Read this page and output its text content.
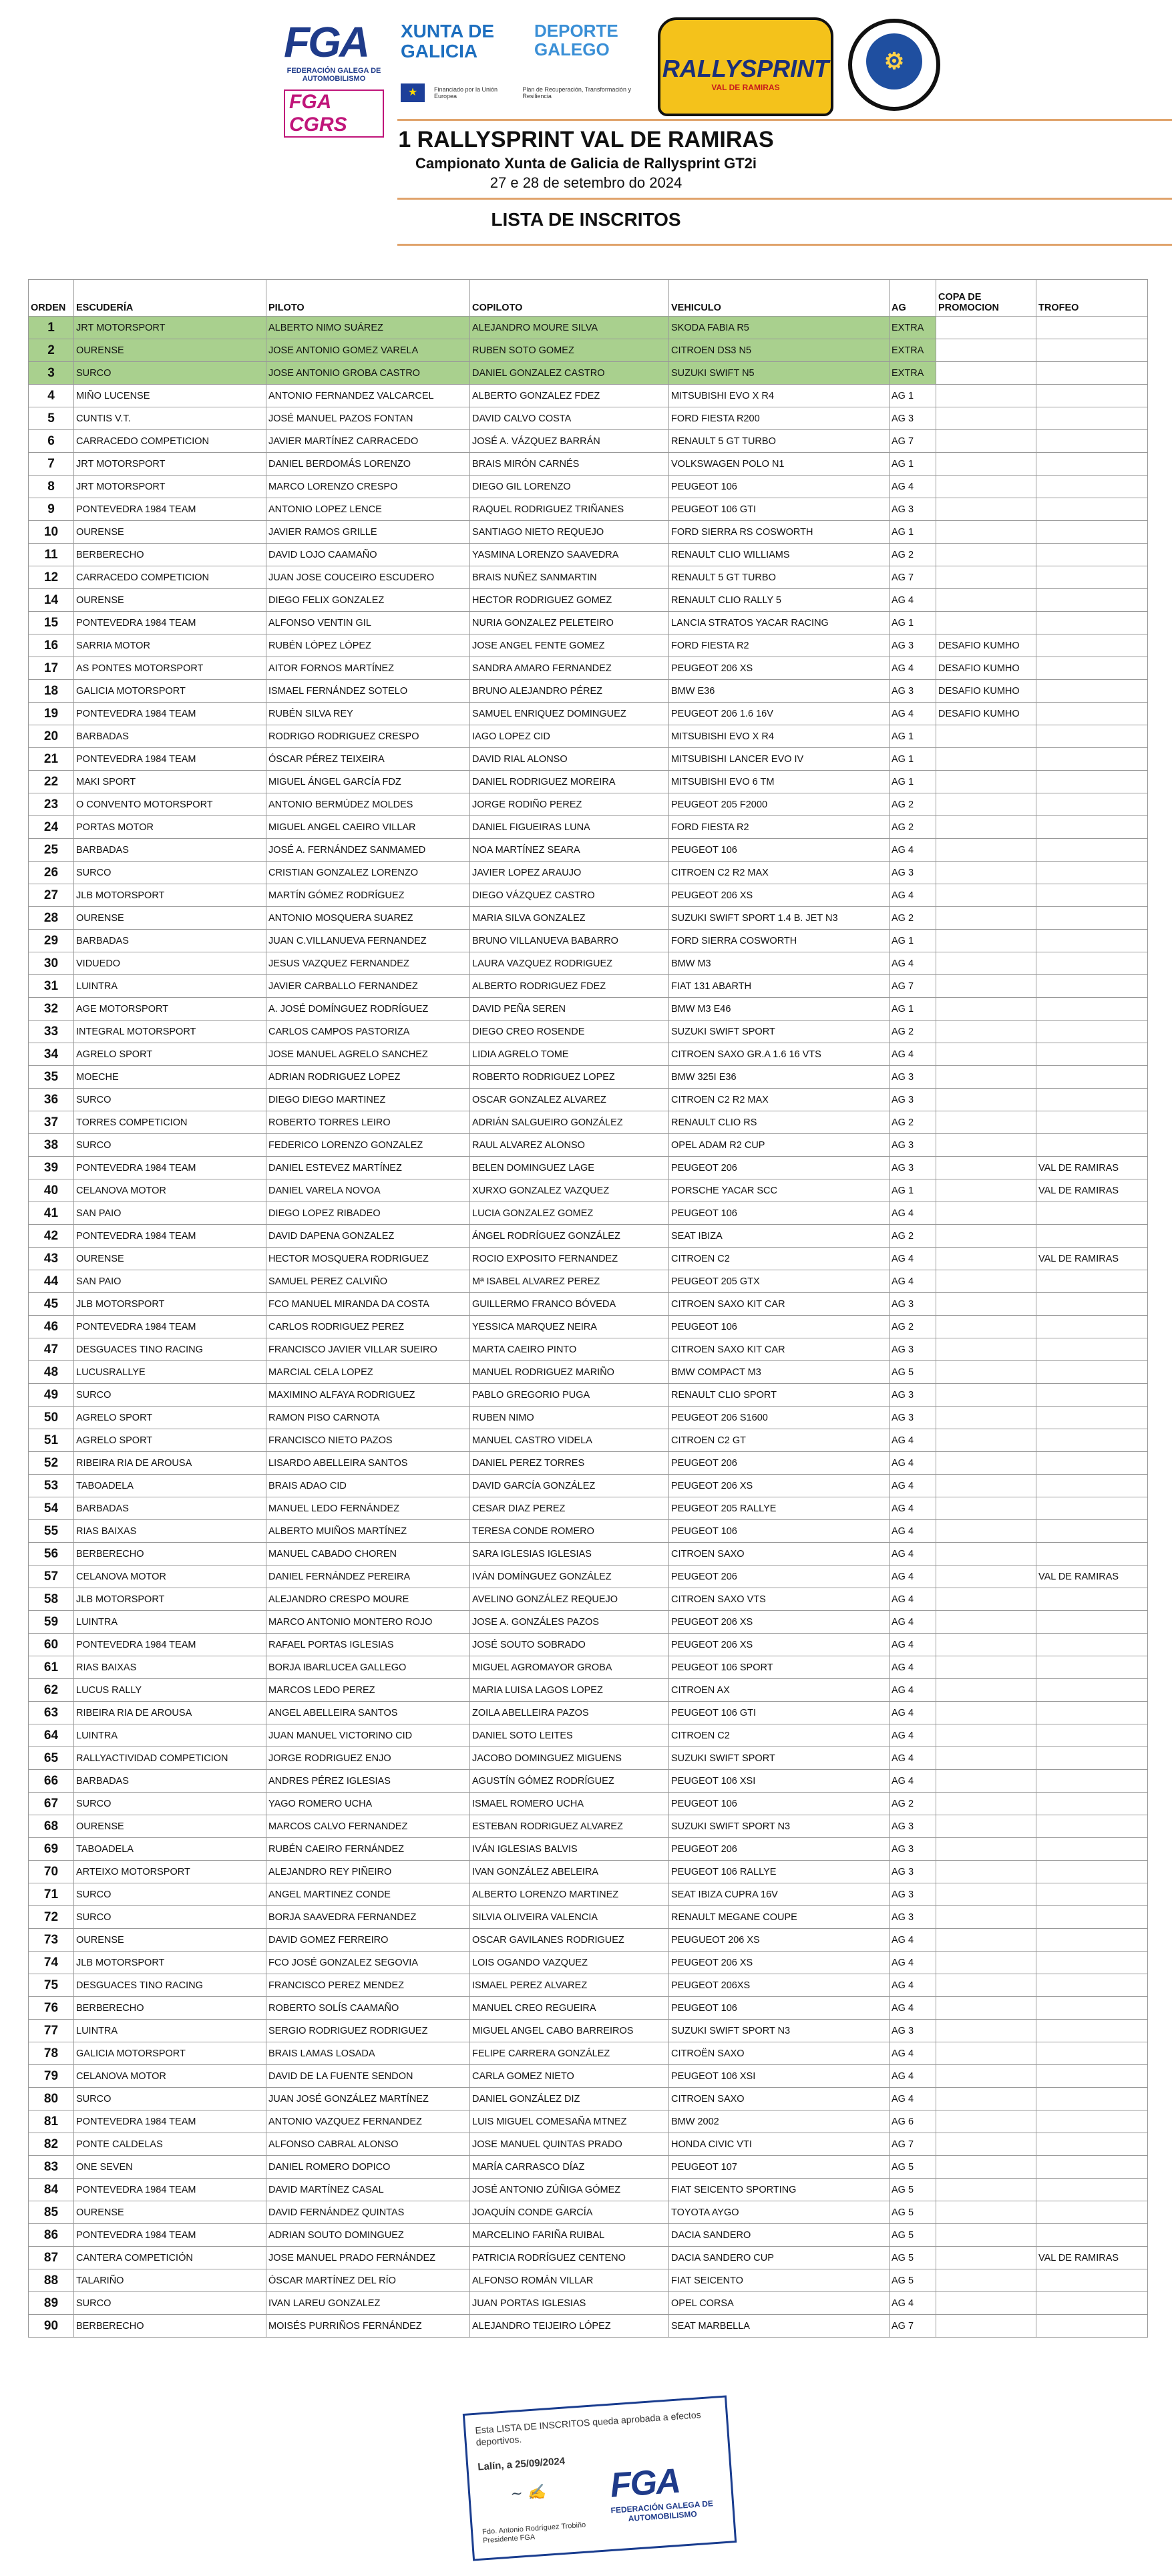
FGA
FEDERACIÓN GALEGA DE AUTOMOBILISMO
FGA CGRS
XUNTA DE GALICIA
DEPORTE GALEGO
★	Financiado por la Unión Europea
Plan de Recuperación, Transformación y Resiliencia
RALLYSPRINT
VAL DE RAMIRAS
⚙
1 RALLYSPRINT VAL DE RAMIRAS
Campionato Xunta de Galicia de Rallysprint GT2i
27 e 28 de setembro do 2024
LISTA DE INSCRITOS
ORDEN	ESCUDERÍA	PILOTO	COPILOTO	VEHICULO	AG	COPA DE PROMOCION	TROFEO
1	JRT MOTORSPORT	ALBERTO NIMO SUÁREZ	ALEJANDRO MOURE SILVA	SKODA FABIA R5	EXTRA		
2	OURENSE	JOSE ANTONIO GOMEZ VARELA	RUBEN SOTO GOMEZ	CITROEN DS3 N5	EXTRA		
3	SURCO	JOSE ANTONIO GROBA CASTRO	DANIEL GONZALEZ CASTRO	SUZUKI SWIFT N5	EXTRA		
4	MIÑO LUCENSE	ANTONIO FERNANDEZ VALCARCEL	ALBERTO GONZALEZ FDEZ	MITSUBISHI EVO X R4	AG 1		
5	CUNTIS V.T.	JOSÉ MANUEL PAZOS FONTAN	DAVID CALVO COSTA	FORD FIESTA R200	AG 3		
6	CARRACEDO COMPETICION	JAVIER MARTÍNEZ CARRACEDO	JOSÉ A. VÁZQUEZ BARRÁN	RENAULT 5 GT TURBO	AG 7		
7	JRT MOTORSPORT	DANIEL BERDOMÁS LORENZO	BRAIS MIRÓN CARNÉS	VOLKSWAGEN POLO N1	AG 1		
8	JRT MOTORSPORT	MARCO LORENZO CRESPO	DIEGO GIL LORENZO	PEUGEOT 106	AG 4		
9	PONTEVEDRA 1984 TEAM	ANTONIO LOPEZ LENCE	RAQUEL RODRIGUEZ TRIÑANES	PEUGEOT 106 GTI	AG 3		
10	OURENSE	JAVIER RAMOS GRILLE	SANTIAGO NIETO REQUEJO	FORD SIERRA RS COSWORTH	AG 1		
11	BERBERECHO	DAVID LOJO CAAMAÑO	YASMINA LORENZO SAAVEDRA	RENAULT CLIO WILLIAMS	AG 2		
12	CARRACEDO COMPETICION	JUAN JOSE COUCEIRO ESCUDERO	BRAIS NUÑEZ SANMARTIN	RENAULT 5 GT TURBO	AG 7		
14	OURENSE	DIEGO FELIX GONZALEZ	HECTOR RODRIGUEZ GOMEZ	RENAULT CLIO RALLY 5	AG 4		
15	PONTEVEDRA 1984 TEAM	ALFONSO VENTIN GIL	NURIA GONZALEZ PELETEIRO	LANCIA STRATOS YACAR RACING	AG 1		
16	SARRIA MOTOR	RUBÉN LÓPEZ LÓPEZ	JOSE ANGEL FENTE GOMEZ	FORD FIESTA R2	AG 3	DESAFIO KUMHO	
17	AS PONTES MOTORSPORT	AITOR FORNOS MARTÍNEZ	SANDRA AMARO FERNANDEZ	PEUGEOT 206 XS	AG 4	DESAFIO KUMHO	
18	GALICIA MOTORSPORT	ISMAEL FERNÁNDEZ SOTELO	BRUNO ALEJANDRO PÉREZ	BMW E36	AG 3	DESAFIO KUMHO	
19	PONTEVEDRA 1984 TEAM	RUBÉN SILVA REY	SAMUEL ENRIQUEZ DOMINGUEZ	PEUGEOT 206 1.6 16V	AG 4	DESAFIO KUMHO	
20	BARBADAS	RODRIGO RODRIGUEZ CRESPO	IAGO LOPEZ CID	MITSUBISHI EVO X R4	AG 1		
21	PONTEVEDRA 1984 TEAM	ÓSCAR PÉREZ TEIXEIRA	DAVID RIAL ALONSO	MITSUBISHI LANCER EVO IV	AG 1		
22	MAKI SPORT	MIGUEL ÁNGEL GARCÍA FDZ	DANIEL RODRIGUEZ MOREIRA	MITSUBISHI EVO 6 TM	AG 1		
23	O CONVENTO MOTORSPORT	ANTONIO BERMÚDEZ MOLDES	JORGE RODIÑO PEREZ	PEUGEOT 205 F2000	AG 2		
24	PORTAS MOTOR	MIGUEL ANGEL CAEIRO VILLAR	DANIEL FIGUEIRAS LUNA	FORD FIESTA R2	AG 2		
25	BARBADAS	JOSÉ A. FERNÁNDEZ SANMAMED	NOA MARTÍNEZ SEARA	PEUGEOT 106	AG 4		
26	SURCO	CRISTIAN GONZALEZ LORENZO	JAVIER LOPEZ ARAUJO	CITROEN C2 R2 MAX	AG 3		
27	JLB MOTORSPORT	MARTÍN GÓMEZ RODRÍGUEZ	DIEGO VÁZQUEZ CASTRO	PEUGEOT 206 XS	AG 4		
28	OURENSE	ANTONIO MOSQUERA SUAREZ	MARIA SILVA GONZALEZ	SUZUKI SWIFT SPORT 1.4 B. JET N3	AG 2		
29	BARBADAS	JUAN C.VILLANUEVA FERNANDEZ	BRUNO VILLANUEVA BABARRO	FORD SIERRA COSWORTH	AG 1		
30	VIDUEDO	JESUS VAZQUEZ FERNANDEZ	LAURA VAZQUEZ RODRIGUEZ	BMW M3	AG 4		
31	LUINTRA	JAVIER CARBALLO FERNANDEZ	ALBERTO RODRIGUEZ FDEZ	FIAT 131 ABARTH	AG 7		
32	AGE MOTORSPORT	A. JOSÉ DOMÍNGUEZ RODRÍGUEZ	DAVID PEÑA SEREN	BMW M3 E46	AG 1		
33	INTEGRAL MOTORSPORT	CARLOS CAMPOS PASTORIZA	DIEGO CREO ROSENDE	SUZUKI SWIFT SPORT	AG 2		
34	AGRELO SPORT	JOSE MANUEL AGRELO SANCHEZ	LIDIA AGRELO TOME	CITROEN SAXO GR.A 1.6 16 VTS	AG 4		
35	MOECHE	ADRIAN RODRIGUEZ LOPEZ	ROBERTO RODRIGUEZ LOPEZ	BMW 325I E36	AG 3		
36	SURCO	DIEGO DIEGO MARTINEZ	OSCAR GONZALEZ ALVAREZ	CITROEN C2 R2 MAX	AG 3		
37	TORRES COMPETICION	ROBERTO TORRES LEIRO	ADRIÁN SALGUEIRO GONZÁLEZ	RENAULT CLIO RS	AG 2		
38	SURCO	FEDERICO LORENZO GONZALEZ	RAUL ALVAREZ ALONSO	OPEL ADAM R2 CUP	AG 3		
39	PONTEVEDRA 1984 TEAM	DANIEL ESTEVEZ MARTÍNEZ	BELEN DOMINGUEZ LAGE	PEUGEOT 206	AG 3		VAL DE RAMIRAS
40	CELANOVA MOTOR	DANIEL VARELA NOVOA	XURXO GONZALEZ VAZQUEZ	PORSCHE YACAR SCC	AG 1		VAL DE RAMIRAS
41	SAN PAIO	DIEGO LOPEZ RIBADEO	LUCIA GONZALEZ GOMEZ	PEUGEOT 106	AG 4		
42	PONTEVEDRA 1984 TEAM	DAVID DAPENA GONZALEZ	ÁNGEL RODRÍGUEZ GONZÁLEZ	SEAT IBIZA	AG 2		
43	OURENSE	HECTOR MOSQUERA RODRIGUEZ	ROCIO EXPOSITO FERNANDEZ	CITROEN C2	AG 4		VAL DE RAMIRAS
44	SAN PAIO	SAMUEL PEREZ CALVIÑO	Mª ISABEL ALVAREZ PEREZ	PEUGEOT 205 GTX	AG 4		
45	JLB MOTORSPORT	FCO MANUEL MIRANDA DA COSTA	GUILLERMO FRANCO BÓVEDA	CITROEN SAXO KIT CAR	AG 3		
46	PONTEVEDRA 1984 TEAM	CARLOS RODRIGUEZ PEREZ	YESSICA MARQUEZ NEIRA	PEUGEOT 106	AG 2		
47	DESGUACES TINO RACING	FRANCISCO JAVIER VILLAR SUEIRO	MARTA CAEIRO PINTO	CITROEN SAXO KIT CAR	AG 3		
48	LUCUSRALLYE	MARCIAL CELA LOPEZ	MANUEL RODRIGUEZ MARIÑO	BMW COMPACT M3	AG 5		
49	SURCO	MAXIMINO ALFAYA RODRIGUEZ	PABLO GREGORIO PUGA	RENAULT CLIO SPORT	AG 3		
50	AGRELO SPORT	RAMON PISO CARNOTA	RUBEN NIMO	PEUGEOT 206 S1600	AG 3		
51	AGRELO SPORT	FRANCISCO NIETO PAZOS	MANUEL CASTRO VIDELA	CITROEN C2 GT	AG 4		
52	RIBEIRA RIA DE AROUSA	LISARDO ABELLEIRA SANTOS	DANIEL PEREZ TORRES	PEUGEOT 206	AG 4		
53	TABOADELA	BRAIS ADAO CID	DAVID GARCÍA GONZÁLEZ	PEUGEOT 206 XS	AG 4		
54	BARBADAS	MANUEL LEDO FERNÁNDEZ	CESAR DIAZ PEREZ	PEUGEOT 205 RALLYE	AG 4		
55	RIAS BAIXAS	ALBERTO MUIÑOS MARTÍNEZ	TERESA CONDE ROMERO	PEUGEOT 106	AG 4		
56	BERBERECHO	MANUEL CABADO CHOREN	SARA IGLESIAS IGLESIAS	CITROEN SAXO	AG 4		
57	CELANOVA MOTOR	DANIEL FERNÁNDEZ PEREIRA	IVÁN DOMÍNGUEZ GONZÁLEZ	PEUGEOT 206	AG 4		VAL DE RAMIRAS
58	JLB MOTORSPORT	ALEJANDRO CRESPO MOURE	AVELINO GONZÁLEZ REQUEJO	CITROEN SAXO VTS	AG 4		
59	LUINTRA	MARCO ANTONIO MONTERO ROJO	JOSE A. GONZÁLES PAZOS	PEUGEOT 206 XS	AG 4		
60	PONTEVEDRA 1984 TEAM	RAFAEL PORTAS IGLESIAS	JOSÉ SOUTO SOBRADO	PEUGEOT 206 XS	AG 4		
61	RIAS BAIXAS	BORJA IBARLUCEA GALLEGO	MIGUEL AGROMAYOR GROBA	PEUGEOT 106 SPORT	AG 4		
62	LUCUS RALLY	MARCOS LEDO PEREZ	MARIA LUISA LAGOS LOPEZ	CITROEN AX	AG 4		
63	RIBEIRA RIA DE AROUSA	ANGEL ABELLEIRA SANTOS	ZOILA ABELLEIRA PAZOS	PEUGEOT 106 GTI	AG 4		
64	LUINTRA	JUAN MANUEL VICTORINO CID	DANIEL SOTO LEITES	CITROEN C2	AG 4		
65	RALLYACTIVIDAD COMPETICION	JORGE RODRIGUEZ ENJO	JACOBO DOMINGUEZ MIGUENS	SUZUKI SWIFT SPORT	AG 4		
66	BARBADAS	ANDRES PÉREZ IGLESIAS	AGUSTÍN GÓMEZ RODRÍGUEZ	PEUGEOT 106 XSI	AG 4		
67	SURCO	YAGO ROMERO UCHA	ISMAEL ROMERO UCHA	PEUGEOT 106	AG 2		
68	OURENSE	MARCOS CALVO FERNANDEZ	ESTEBAN RODRIGUEZ ALVAREZ	SUZUKI SWIFT SPORT N3	AG 3		
69	TABOADELA	RUBÉN CAEIRO FERNÁNDEZ	IVÁN IGLESIAS BALVIS	PEUGEOT 206	AG 3		
70	ARTEIXO MOTORSPORT	ALEJANDRO REY PIÑEIRO	IVAN GONZÁLEZ ABELEIRA	PEUGEOT 106 RALLYE	AG 3		
71	SURCO	ANGEL MARTINEZ CONDE	ALBERTO LORENZO MARTINEZ	SEAT IBIZA CUPRA 16V	AG 3		
72	SURCO	BORJA SAAVEDRA FERNANDEZ	SILVIA OLIVEIRA VALENCIA	RENAULT MEGANE COUPE	AG 3		
73	OURENSE	DAVID GOMEZ FERREIRO	OSCAR GAVILANES RODRIGUEZ	PEUGUEOT 206 XS	AG 4		
74	JLB MOTORSPORT	FCO JOSÉ GONZALEZ SEGOVIA	LOIS OGANDO VAZQUEZ	PEUGEOT 206 XS	AG 4		
75	DESGUACES TINO RACING	FRANCISCO PEREZ MENDEZ	ISMAEL PEREZ ALVAREZ	PEUGEOT 206XS	AG 4		
76	BERBERECHO	ROBERTO SOLÍS CAAMAÑO	MANUEL CREO REGUEIRA	PEUGEOT 106	AG 4		
77	LUINTRA	SERGIO RODRIGUEZ RODRIGUEZ	MIGUEL ANGEL CABO BARREIROS	SUZUKI SWIFT SPORT N3	AG 3		
78	GALICIA MOTORSPORT	BRAIS LAMAS LOSADA	FELIPE CARRERA GONZÁLEZ	CITROËN SAXO	AG 4		
79	CELANOVA MOTOR	DAVID DE LA FUENTE SENDON	CARLA GOMEZ NIETO	PEUGEOT 106 XSI	AG 4		
80	SURCO	JUAN JOSÉ GONZÁLEZ MARTÍNEZ	DANIEL GONZÁLEZ DIZ	CITROEN SAXO	AG 4		
81	PONTEVEDRA 1984 TEAM	ANTONIO VAZQUEZ FERNANDEZ	LUIS MIGUEL COMESAÑA MTNEZ	BMW 2002	AG 6		
82	PONTE CALDELAS	ALFONSO CABRAL ALONSO	JOSE MANUEL QUINTAS PRADO	HONDA CIVIC VTI	AG 7		
83	ONE SEVEN	DANIEL ROMERO DOPICO	MARÍA CARRASCO DÍAZ	PEUGEOT 107	AG 5		
84	PONTEVEDRA 1984 TEAM	DAVID MARTÍNEZ CASAL	JOSÉ ANTONIO ZÚÑIGA GÓMEZ	FIAT SEICENTO SPORTING	AG 5		
85	OURENSE	DAVID FERNÁNDEZ QUINTAS	JOAQUÍN CONDE GARCÍA	TOYOTA AYGO	AG 5		
86	PONTEVEDRA 1984 TEAM	ADRIAN SOUTO DOMINGUEZ	MARCELINO FARIÑA RUIBAL	DACIA SANDERO	AG 5		
87	CANTERA COMPETICIÓN	JOSE MANUEL PRADO FERNÁNDEZ	PATRICIA RODRÍGUEZ CENTENO	DACIA SANDERO CUP	AG 5		VAL DE RAMIRAS
88	TALARIÑO	ÓSCAR MARTÍNEZ DEL RÍO	ALFONSO ROMÁN VILLAR	FIAT SEICENTO	AG 5		
89	SURCO	IVAN LAREU GONZALEZ	JUAN PORTAS IGLESIAS	OPEL CORSA	AG 4		
90	BERBERECHO	MOISÉS PURRIÑOS FERNÁNDEZ	ALEJANDRO TEIJEIRO LÓPEZ	SEAT MARBELLA	AG 7		
Esta LISTA DE INSCRITOS queda aprobada a efectos deportivos.
Lalín, a 25/09/2024
~ ✍
Fdo. Antonio Rodríguez Trobiño
Presidente FGA
FGA
FEDERACIÓN GALEGA DE AUTOMOBILISMO
